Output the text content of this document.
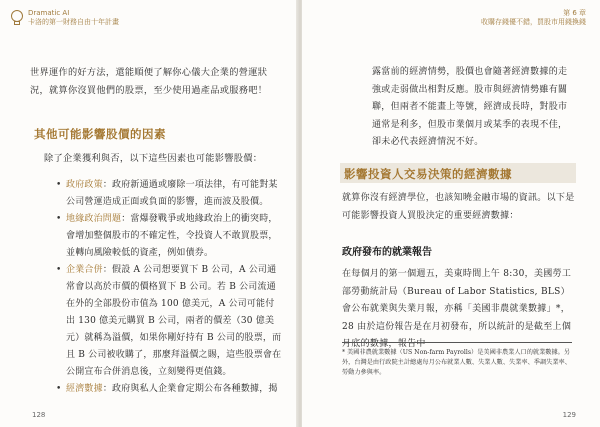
Dramatic AI
卡洛的第一財務自由十年計畫
世界運作的好方法，還能順便了解你心儀大企業的營運狀況，就算你沒買他們的股票，至少使用過產品或服務吧！
其他可能影響股價的因素
除了企業獲利與否，以下這些因素也可能影響股價：
• 政府政策：政府新通過或廢除一項法律，有可能對某公司營運造成正面或負面的影響，進而波及股價。
• 地緣政治問題：當爆發戰爭或地緣政治上的衝突時，會增加整個股市的不確定性，令投資人不敢買股票，並轉向風險較低的資產，例如債券。
• 企業合併：假設 A 公司想要買下 B 公司，A 公司通常會以高於市價的價格買下 B 公司。若 B 公司流通在外的全部股份市值為 100 億美元，A 公司可能付出 130 億美元購買 B 公司，兩者的價差（30 億美元）就稱為溢價，如果你剛好持有 B 公司的股票，而且 B 公司被收購了，那麼拜溢價之賜，這些股票會在公開宣布合併消息後，立刻變得更值錢。
• 經濟數據：政府與私人企業會定期公布各種數據，揭
128
第 6 章
收購存錢優不錯，買股市用錢換錢
露當前的經濟情勢，股價也會隨著經濟數據的走強或走弱做出相對反應。股市與經濟情勢雖有關聯，但兩者不能畫上等號，經濟成長時，對股市通常是利多，但股市業個月或某季的表現不佳，卻未必代表經濟情況不好。
影響投資人交易決策的經濟數據
就算你沒有經濟學位，也該知曉金融市場的資訊。以下是可能影響投資人買股決定的重要經濟數據：
政府發布的就業報告
在每個月的第一個週五，美東時間上午 8:30，美國勞工部勞動統計局（Bureau of Labor Statistics, BLS）會公布就業與失業月報，亦稱「美國非農就業數據」*，28 由於這份報告是在月初發布，所以統計的是截至上個月底的數據，報告中
* 美國非農就業數據（US Non-farm Payrolls）是美國非農業人口的就業數據。另外，台灣是由行政院主計總處每月公布就業人數、失業人數、失業率、季調失業率、勞動力參與率。
129
